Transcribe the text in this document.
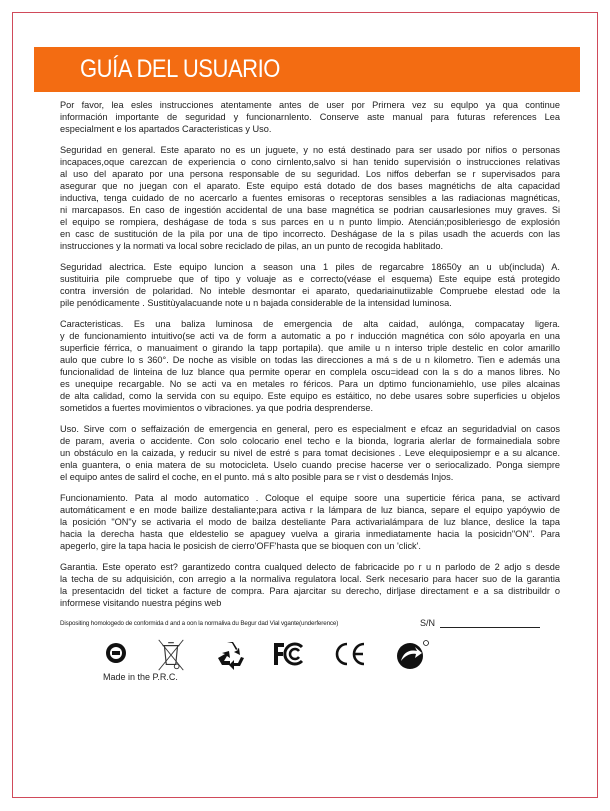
GUÍA DEL USUARIO
Por favor, lea esles instrucciones atentamente antes de user por Prirnera vez su equlpo ya qua continue
información importante de seguridad y funcionarnlento. Conserve aste manual para futuras references Lea
especialment e los apartados Caracteristicas y Uso.
Seguridad en general. Este aparato no es un juguete, y no está destinado para ser usado por nifios o personas
incapaces,oque carezcan de experiencia o cono cirnlento,salvo si han tenido supervisión o instrucciones relativas
al uso del aparato por una persona responsable de su seguridad. Los niffos deberfan se r supervisados para
asegurar que no juegan con el aparato. Este equipo está dotado de dos bases magnétichs de alta capacidad
inductiva, tenga cuidado de no acercarlo a fuentes emisoras o receptoras sensibles a las radiacionas magnéticas,
ni marcapasos. En caso de ingestión accidental de una base magnética se podrian causarlesiones muy graves. Si
el equipo se rompiera, deshágase de toda s sus parces en u n punto limpio. Atencián;posibleriesgo de explosión
en casc de sustitución de la pila por una de tipo incorrecto. Deshágase de la s pilas usadh the acuerds con las
instrucciones y la normati va local sobre reciclado de pilas, an un punto de recogida hablitado.
Seguridad alectrica. Este equipo luncion a season una 1 piles de regarcabre 18650y an u ub(includa) A.
sustituiria pile compruebe que of tipo y voluaje as e correcto(véase el esquema) Este equipe está protegido
contra inversión de polaridad. No inteble desmontar ei aparato, quedariainutiizable Compruebe elestad ode la
pile penódicamente . Sustitùyalacuande note u n bajada considerable de la intensidad luminosa.
Caracteristicas. Es una baliza luminosa de emergencia de alta caidad, aulónga, compacatay ligera.
y de funcionamiento intuitivo(se acti va de form a automatic a po r inducción magnética con sólo apoyarla en una
superficie férrica, o manuaiment o girando la tapp portapila). que amile u n interso triple destelic en color amarillo
aulo que cubre lo s 360°. De noche as visible on todas las direcciones a má s de u n kilometro. Tien e además una
funcionalidad de linteina de luz blance qua permite operar en complela oscu=idead con la s do a manos libres. No
es unequipe recargable. No se acti va en metales ro féricos. Para un dptimo funcionamiehlo, use piles alcainas
de alta calidad, como la servida con su equipo. Este equipo es estáitico, no debe usares sobre superficies u objelos
sometidos a fuertes movimientos o vibraciones. ya que podria desprenderse.
Uso. Sirve com o seffaización de emergencia en general, pero es especialment e efcaz an seguridadvial on casos
de param, averia o accidente. Con solo colocario enel techo e la bionda, lograria alerlar de formainediala sobre
un obstáculo en la caizada, y reducir su nivel de estré s para tomat decisiones . Leve elequiposiempr e a su alcance.
enla guantera, o enia matera de su motocicleta. Uselo cuando precise hacerse ver o seriocalizado. Ponga siempre
el equipo antes de salird el coche, en el punto. má s alto posible para se r vist o desdemás Injos.
Funcionamiento. Pata al modo automatico . Coloque el equipe soore una superticie férica pana, se activard
automáticament e en mode bailize destaliante;para activa r la lámpara de luz bianca, separe el equipo yapóywio de
la posición "ON"y se activaria el modo de bailza desteliante Para activarialámpara de luz blance, deslice la tapa
hacia la derecha hasta que eldestelio se apaguey vuelva a giraria inmediatamente hacia la posicidn"ON". Para
apegerlo, gire la tapa hacia le posicish de cierro'OFF'hasta que se bioquen con un 'click'.
Garantia. Este operato est? garantizedo contra cualqued delecto de fabricacide po r u n parlodo de 2 adjo s desde
la techa de su adquisición, con arregio a la normaliva regulatora local. Serk necesario para hacer suo de la garantia
la presentacidn del ticket a facture de compra. Para ajarcitar su derecho, dirljase directament e a sa distribuildr o
informese visitando nuestra pégins web
Dispositing homologedo de conformida d and a oon la normaliva du Begur dad Vial vgante(underference)	S/N
Made in the P.R.C.
